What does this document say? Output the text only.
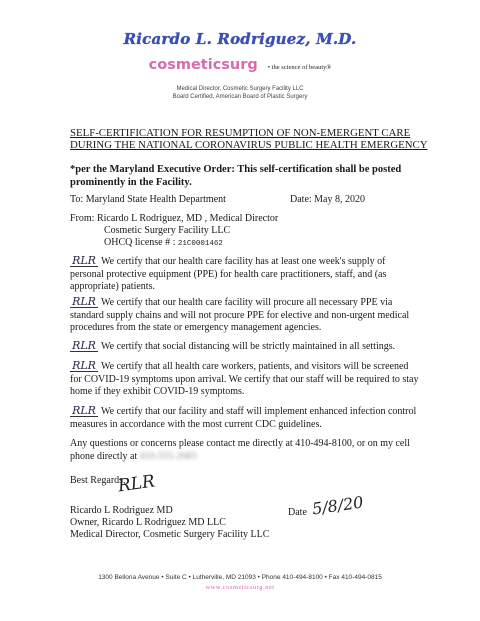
Ricardo L. Rodriguez, M.D.
cosmeticsurg • the science of beauty®
Medical Director, Cosmetic Surgery Facility LLC
Board Certified, American Board of Plastic Surgery
SELF-CERTIFICATION FOR RESUMPTION OF NON-EMERGENT CARE
DURING THE NATIONAL CORONAVIRUS PUBLIC HEALTH EMERGENCY
*per the Maryland Executive Order: This self-certification shall be posted prominently in the Facility.
To: Maryland State Health Department	Date: May 8, 2020
From: Ricardo L Rodriguez, MD , Medical Director
Cosmetic Surgery Facility LLC
OHCQ license # : 21C0001462
RLR We certify that our health care facility has at least one week's supply of personal protective equipment (PPE) for health care practitioners, staff, and (as appropriate) patients.
RLR We certify that our health care facility will procure all necessary PPE via standard supply chains and will not procure PPE for elective and non-urgent medical procedures from the state or emergency management agencies.
RLR We certify that social distancing will be strictly maintained in all settings.
RLR We certify that all health care workers, patients, and visitors will be screened for COVID-19 symptoms upon arrival. We certify that our staff will be required to stay home if they exhibit COVID-19 symptoms.
RLR We certify that our facility and staff will implement enhanced infection control measures in accordance with the most current CDC guidelines.
Any questions or concerns please contact me directly at 410-494-8100, or on my cell phone directly at 410-555-2683
Best Regards,
RLR
Ricardo L Rodriguez MD
Owner, Ricardo L Rodriguez MD LLC
Medical Director, Cosmetic Surgery Facility LLC
Date 5/8/20
1300 Bellona Avenue • Suite C • Lutherville, MD 21093 • Phone 410-494-8100 • Fax 410-494-0815
www.cosmeticsurg.net
